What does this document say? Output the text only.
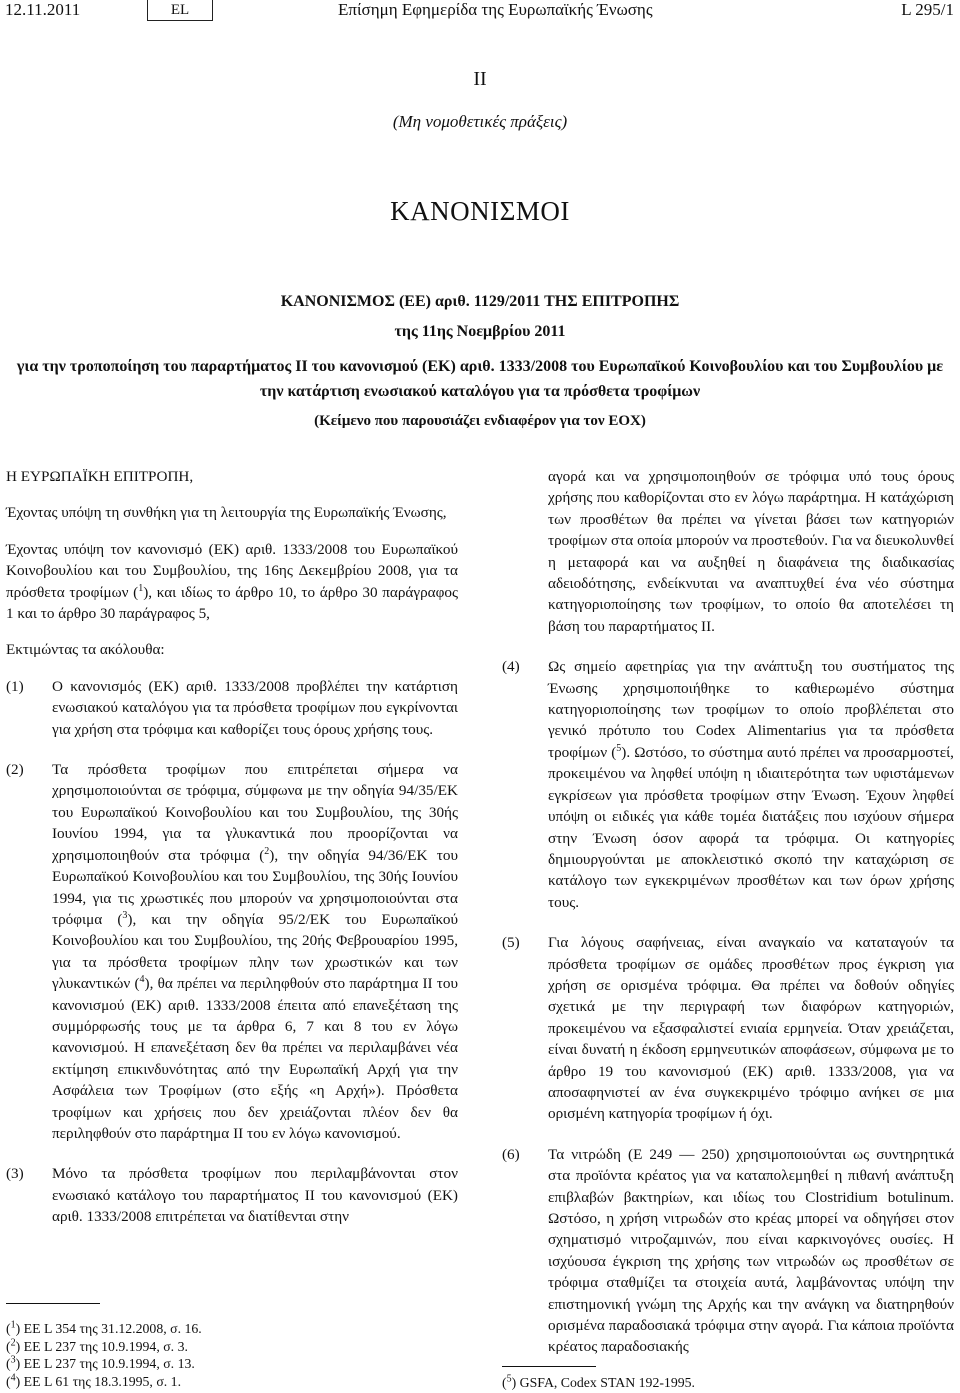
12.11.2011	EL	Επίσημη Εφημερίδα της Ευρωπαϊκής Ένωσης	L 295/1
II
(Μη νομοθετικές πράξεις)
ΚΑΝΟΝΙΣΜΟΙ
ΚΑΝΟΝΙΣΜΟΣ (ΕΕ) αριθ. 1129/2011 ΤΗΣ ΕΠΙΤΡΟΠΗΣ
της 11ης Νοεμβρίου 2011
για την τροποποίηση του παραρτήματος ΙΙ του κανονισμού (ΕΚ) αριθ. 1333/2008 του Ευρωπαϊκού Κοινοβουλίου και του Συμβουλίου με την κατάρτιση ενωσιακού καταλόγου για τα πρόσθετα τροφίμων
(Κείμενο που παρουσιάζει ενδιαφέρον για τον ΕΟΧ)

Η ΕΥΡΩΠΑΪΚΗ ΕΠΙΤΡΟΠΗ,

Έχοντας υπόψη τη συνθήκη για τη λειτουργία της Ευρωπαϊκής Ένωσης,

Έχοντας υπόψη τον κανονισμό (ΕΚ) αριθ. 1333/2008 του Ευρωπαϊκού Κοινοβουλίου και του Συμβουλίου, της 16ης Δεκεμβρίου 2008, για τα πρόσθετα τροφίμων ($^1$), και ιδίως το άρθρο 10, το άρθρο 30 παράγραφος 1 και το άρθρο 30 παράγραφος 5,

Εκτιμώντας τα ακόλουθα:

(1)	Ο κανονισμός (ΕΚ) αριθ. 1333/2008 προβλέπει την κατάρτιση ενωσιακού καταλόγου για τα πρόσθετα τροφίμων που εγκρίνονται για χρήση στα τρόφιμα και καθορίζει τους όρους χρήσης τους.
(2)	Τα πρόσθετα τροφίμων που επιτρέπεται σήμερα να χρησιμοποιούνται σε τρόφιμα, σύμφωνα με την οδηγία 94/35/ΕΚ του Ευρωπαϊκού Κοινοβουλίου και του Συμβουλίου, της 30ής Ιουνίου 1994, για τα γλυκαντικά που προορίζονται να χρησιμοποιηθούν στα τρόφιμα ($^2$), την οδηγία 94/36/ΕΚ του Ευρωπαϊκού Κοινοβουλίου και του Συμβουλίου, της 30ής Ιουνίου 1994, για τις χρωστικές που μπορούν να χρησιμοποιούνται στα τρόφιμα ($^3$), και την οδηγία 95/2/ΕΚ του Ευρωπαϊκού Κοινοβουλίου και του Συμβουλίου, της 20ής Φεβρουαρίου 1995, για τα πρόσθετα τροφίμων πλην των χρωστικών και των γλυκαντικών ($^4$), θα πρέπει να περιληφθούν στο παράρτημα ΙΙ του κανονισμού (ΕΚ) αριθ. 1333/2008 έπειτα από επανεξέταση της συμμόρφωσής τους με τα άρθρα 6, 7 και 8 του εν λόγω κανονισμού. Η επανεξέταση δεν θα πρέπει να περιλαμβάνει νέα εκτίμηση επικινδυνότητας από την Ευρωπαϊκή Αρχή για την Ασφάλεια των Τροφίμων (στο εξής «η Αρχή»). Πρόσθετα τροφίμων και χρήσεις που δεν χρειάζονται πλέον δεν θα περιληφθούν στο παράρτημα ΙΙ του εν λόγω κανονισμού.
(3)	Μόνο τα πρόσθετα τροφίμων που περιλαμβάνονται στον ενωσιακό κατάλογο του παραρτήματος ΙΙ του κανονισμού (ΕΚ) αριθ. 1333/2008 επιτρέπεται να διατίθενται στην
($^1$) ΕΕ L 354 της 31.12.2008, σ. 16.
($^2$) ΕΕ L 237 της 10.9.1994, σ. 3.
($^3$) ΕΕ L 237 της 10.9.1994, σ. 13.
($^4$) ΕΕ L 61 της 18.3.1995, σ. 1.
αγορά και να χρησιμοποιηθούν σε τρόφιμα υπό τους όρους χρήσης που καθορίζονται στο εν λόγω παράρτημα. Η κατάχώριση των προσθέτων θα πρέπει να γίνεται βάσει των κατηγοριών τροφίμων στα οποία μπορούν να προστεθούν. Για να διευκολυνθεί η μεταφορά και να αυξηθεί η διαφάνεια της διαδικασίας αδειοδότησης, ενδείκνυται να αναπτυχθεί ένα νέο σύστημα κατηγοριοποίησης των τροφίμων, το οποίο θα αποτελέσει τη βάση του παραρτήματος ΙΙ.
(4)	Ως σημείο αφετηρίας για την ανάπτυξη του συστήματος της Ένωσης χρησιμοποιήθηκε το καθιερωμένο σύστημα κατηγοριοποίησης των τροφίμων το οποίο προβλέπεται στο γενικό πρότυπο του Codex Alimentarius για τα πρόσθετα τροφίμων ($^5$). Ωστόσο, το σύστημα αυτό πρέπει να προσαρμοστεί, προκειμένου να ληφθεί υπόψη η ιδιαιτερότητα των υφιστάμενων εγκρίσεων για πρόσθετα τροφίμων στην Ένωση. Έχουν ληφθεί υπόψη οι ειδικές για κάθε τομέα διατάξεις που ισχύουν σήμερα στην Ένωση όσον αφορά τα τρόφιμα. Οι κατηγορίες δημιουργούνται με αποκλειστικό σκοπό την καταχώριση σε κατάλογο των εγκεκριμένων προσθέτων και των όρων χρήσης τους.
(5)	Για λόγους σαφήνειας, είναι αναγκαίο να καταταγούν τα πρόσθετα τροφίμων σε ομάδες προσθέτων προς έγκριση για χρήση σε ορισμένα τρόφιμα. Θα πρέπει να δοθούν οδηγίες σχετικά με την περιγραφή των διαφόρων κατηγοριών, προκειμένου να εξασφαλιστεί ενιαία ερμηνεία. Όταν χρειάζεται, είναι δυνατή η έκδοση ερμηνευτικών αποφάσεων, σύμφωνα με το άρθρο 19 του κανονισμού (ΕΚ) αριθ. 1333/2008, για να αποσαφηνιστεί αν ένα συγκεκριμένο τρόφιμο ανήκει σε μια ορισμένη κατηγορία τροφίμων ή όχι.
(6)	Τα νιτρώδη (Ε 249 — 250) χρησιμοποιούνται ως συντηρητικά στα προϊόντα κρέατος για να καταπολεμηθεί η πιθανή ανάπτυξη επιβλαβών βακτηρίων, και ιδίως του Clostridium botulinum. Ωστόσο, η χρήση νιτρωδών στο κρέας μπορεί να οδηγήσει στον σχηματισμό νιτροζαμινών, που είναι καρκινογόνες ουσίες. Η ισχύουσα έγκριση της χρήσης των νιτρωδών ως προσθέτων σε τρόφιμα σταθμίζει τα στοιχεία αυτά, λαμβάνοντας υπόψη την επιστημονική γνώμη της Αρχής και την ανάγκη να διατηρηθούν ορισμένα παραδοσιακά τρόφιμα στην αγορά. Για κάποια προϊόντα κρέατος παραδοσιακής
($^5$) GSFA, Codex STAN 192-1995.
